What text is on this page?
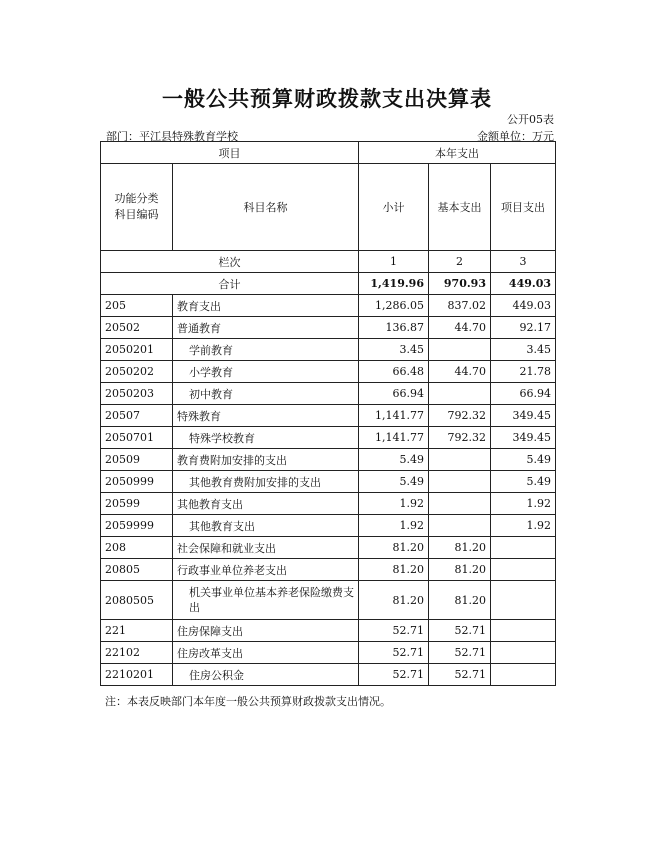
一般公共预算财政拨款支出决算表
公开05表
部门：平江县特殊教育学校	金额单位：万元
项目		本年支出		
功能分类科目编码	科目名称	小计	基本支出	项目支出
栏次		1	2	3
合计		1,419.96	970.93	449.03
205	教育支出	1,286.05	837.02	449.03
20502	普通教育	136.87	44.70	92.17
2050201	学前教育	3.45		3.45
2050202	小学教育	66.48	44.70	21.78
2050203	初中教育	66.94		66.94
20507	特殊教育	1,141.77	792.32	349.45
2050701	特殊学校教育	1,141.77	792.32	349.45
20509	教育费附加安排的支出	5.49		5.49
2050999	其他教育费附加安排的支出	5.49		5.49
20599	其他教育支出	1.92		1.92
2059999	其他教育支出	1.92		1.92
208	社会保障和就业支出	81.20	81.20	
20805	行政事业单位养老支出	81.20	81.20	
2080505	机关事业单位基本养老保险缴费支出	81.20	81.20	
221	住房保障支出	52.71	52.71	
22102	住房改革支出	52.71	52.71	
2210201	住房公积金	52.71	52.71	
注：本表反映部门本年度一般公共预算财政拨款支出情况。
